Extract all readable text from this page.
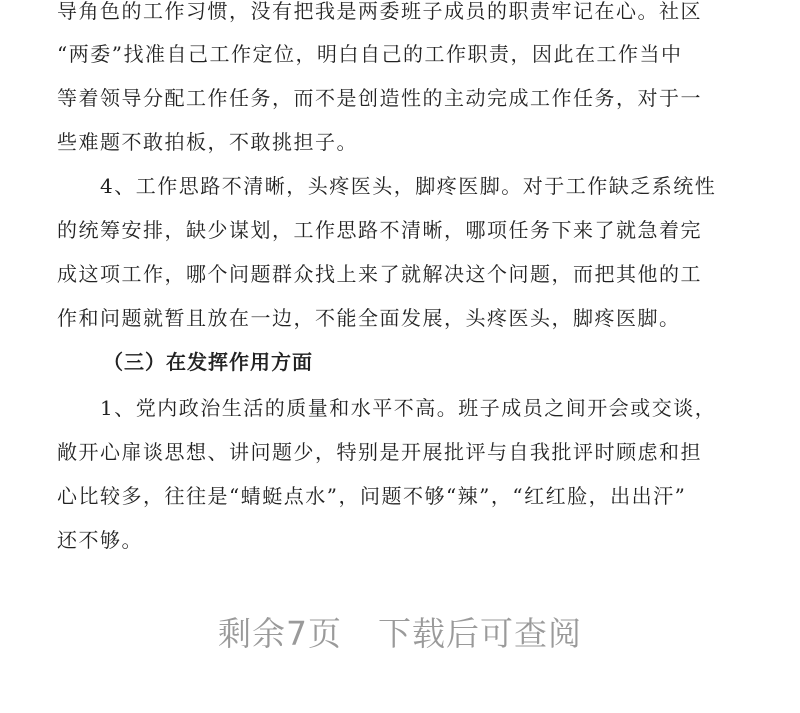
导角色的工作习惯，没有把我是两委班子成员的职责牢记在心。社区
“两委”找准自己工作定位，明白自己的工作职责，因此在工作当中
等着领导分配工作任务，而不是创造性的主动完成工作任务，对于一
些难题不敢拍板，不敢挑担子。
4、工作思路不清晰，头疼医头，脚疼医脚。对于工作缺乏系统性
的统筹安排，缺少谋划，工作思路不清晰，哪项任务下来了就急着完
成这项工作，哪个问题群众找上来了就解决这个问题，而把其他的工
作和问题就暂且放在一边，不能全面发展，头疼医头，脚疼医脚。
（三）在发挥作用方面
1、党内政治生活的质量和水平不高。班子成员之间开会或交谈，
敞开心扉谈思想、讲问题少，特别是开展批评与自我批评时顾虑和担
心比较多，往往是“蜻蜓点水”，问题不够“辣”，“红红脸，出出汗”
还不够。
剩余7页 下载后可查阅
